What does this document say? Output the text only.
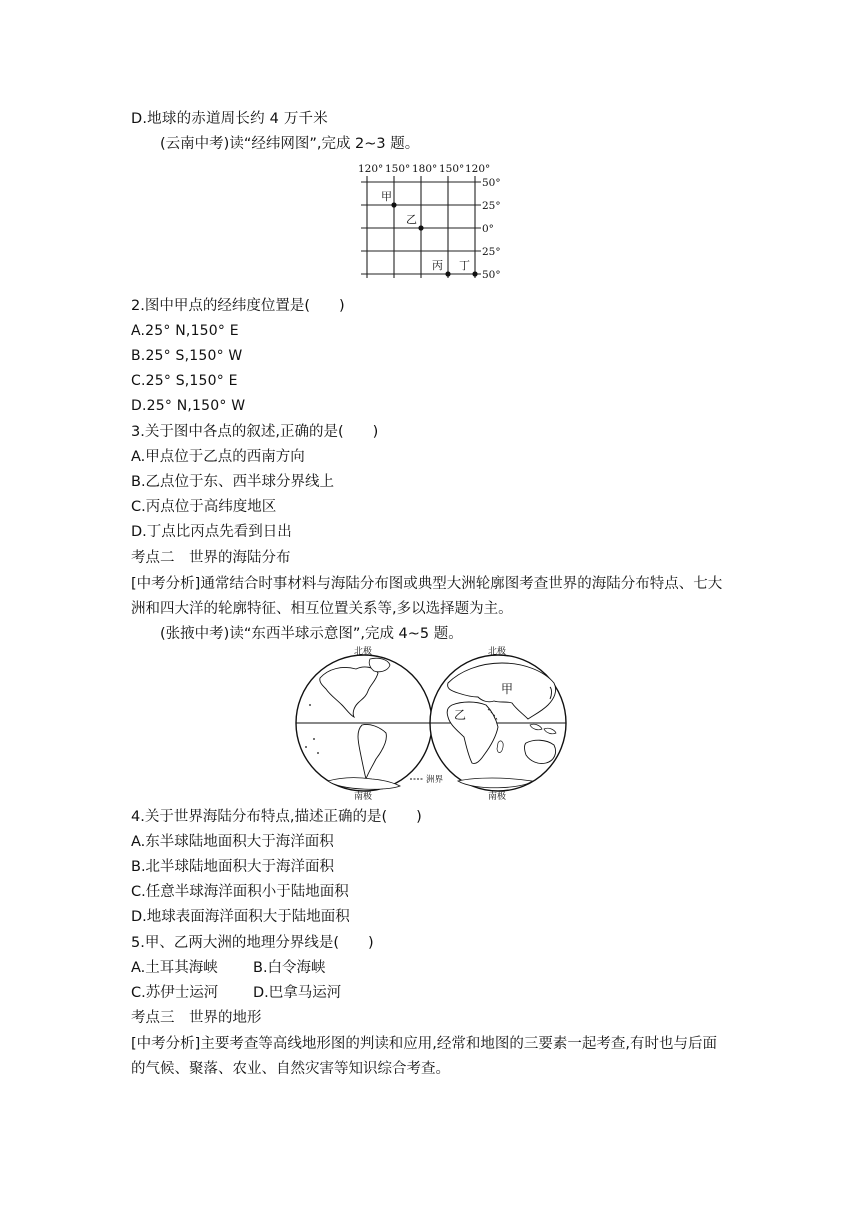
D.地球的赤道周长约 4 万千米
(云南中考)读“经纬网图”,完成 2~3 题。
120° 150° 180° 150° 120°
50°
25°
0°
25°
50°
甲
乙
丙 丁
2.图中甲点的经纬度位置是(　　)
A.25° N,150° E
B.25° S,150° W
C.25° S,150° E
D.25° N,150° W
3.关于图中各点的叙述,正确的是(　　)
A.甲点位于乙点的西南方向
B.乙点位于东、西半球分界线上
C.丙点位于高纬度地区
D.丁点比丙点先看到日出
考点二　世界的海陆分布
[中考分析]通常结合时事材料与海陆分布图或典型大洲轮廓图考查世界的海陆分布特点、七大洲和四大洋的轮廓特征、相互位置关系等,多以选择题为主。
(张掖中考)读“东西半球示意图”,完成 4~5 题。
北极	北极
南极	南极
洲界
甲
乙
4.关于世界海陆分布特点,描述正确的是(　　)
A.东半球陆地面积大于海洋面积
B.北半球陆地面积大于海洋面积
C.任意半球海洋面积小于陆地面积
D.地球表面海洋面积大于陆地面积
5.甲、乙两大洲的地理分界线是(　　)
A.土耳其海峡 B.白令海峡
C.苏伊士运河 D.巴拿马运河
考点三　世界的地形
[中考分析]主要考查等高线地形图的判读和应用,经常和地图的三要素一起考查,有时也与后面的气候、聚落、农业、自然灾害等知识综合考查。
